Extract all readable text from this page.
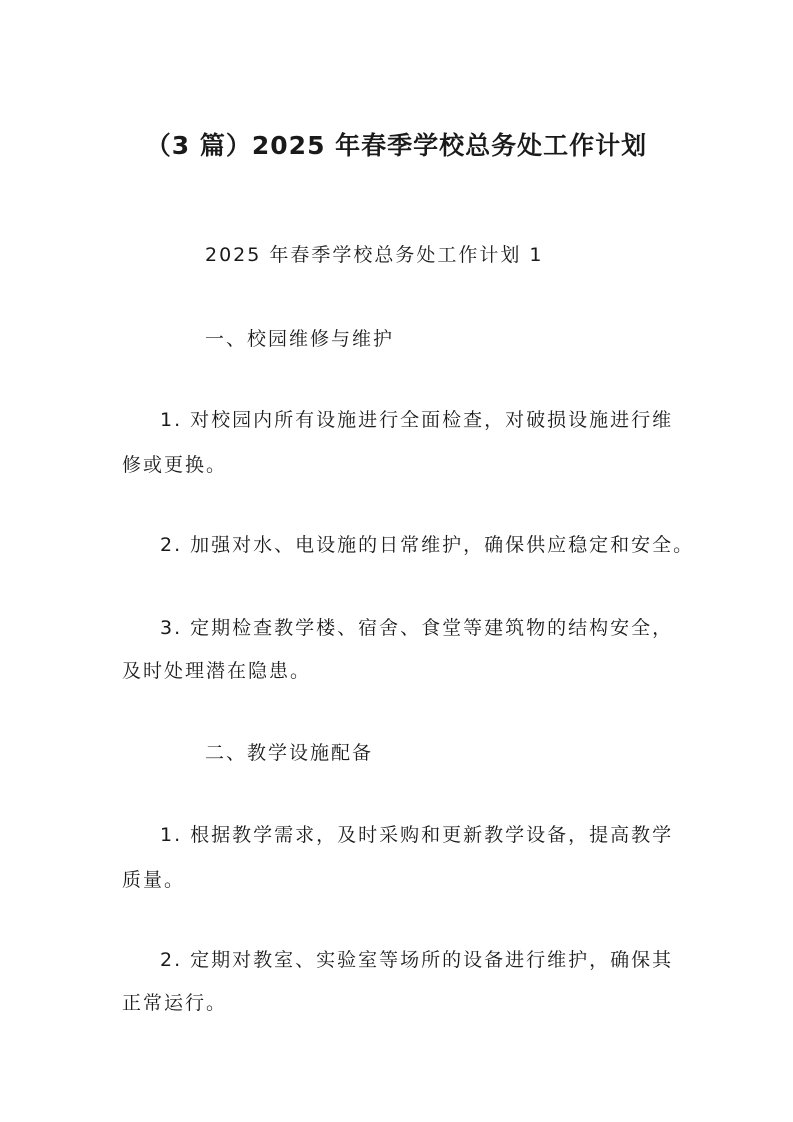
（3 篇）2025 年春季学校总务处工作计划
2025 年春季学校总务处工作计划 1
一、校园维修与维护
1. 对校园内所有设施进行全面检查，对破损设施进行维
修或更换。
2. 加强对水、电设施的日常维护，确保供应稳定和安全。
3. 定期检查教学楼、宿舍、食堂等建筑物的结构安全，
及时处理潜在隐患。
二、教学设施配备
1. 根据教学需求，及时采购和更新教学设备，提高教学
质量。
2. 定期对教室、实验室等场所的设备进行维护，确保其
正常运行。
